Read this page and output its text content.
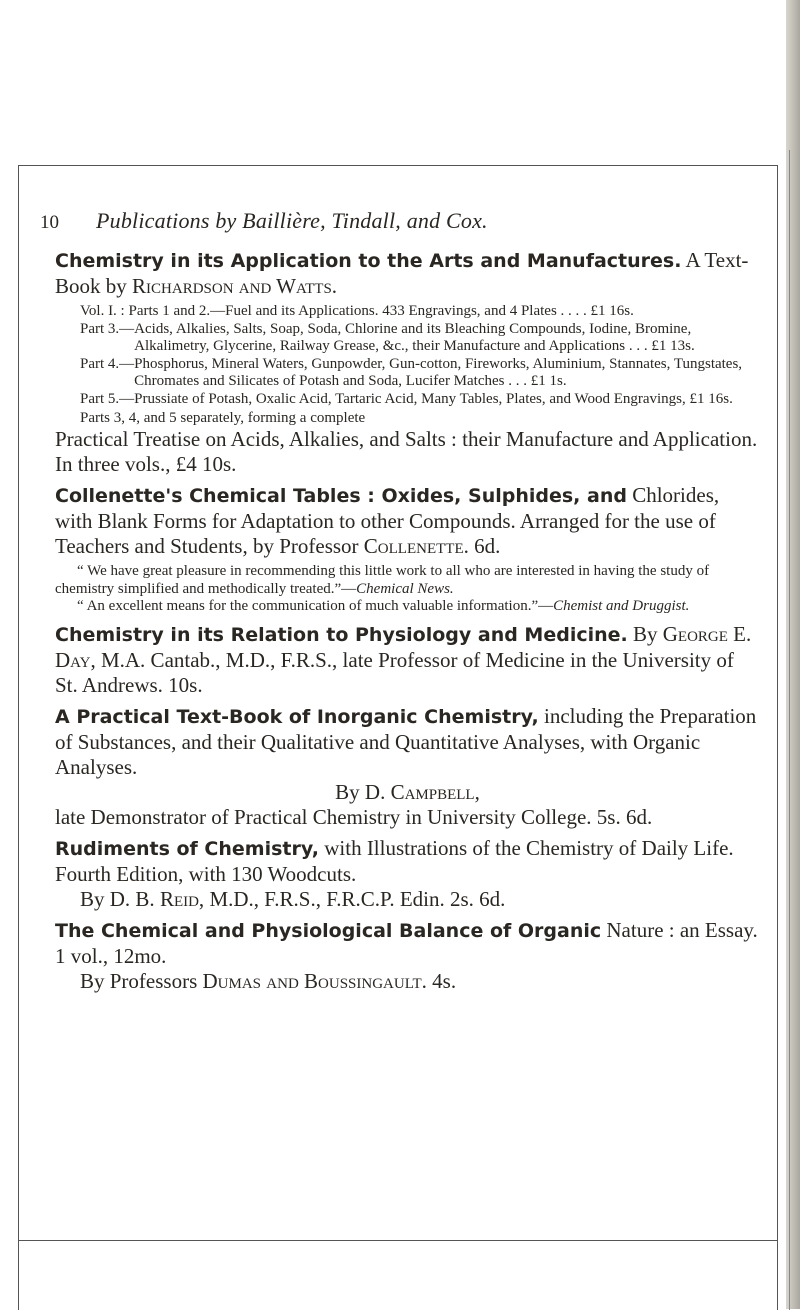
10	Publications by Baillière, Tindall, and Cox.
Chemistry in its Application to the Arts and Manufactures. A Text-Book by Richardson and Watts.
Vol. I. :
Parts 1 and 2.—Fuel and its Applications. 433 Engravings, and 4 Plates . . . . £1 16s.
Part 3.— Acids, Alkalies, Salts, Soap, Soda, Chlorine and its Bleaching Compounds, Iodine, Bromine, Alkalimetry, Glycerine, Railway Grease, &c., their Manufacture and Applications . . . £1 13s.
Part 4.— Phosphorus, Mineral Waters, Gunpowder, Gun-cotton, Fireworks, Aluminium, Stannates, Tungstates, Chromates and Silicates of Potash and Soda, Lucifer Matches . . . £1 1s.
Part 5.— Prussiate of Potash, Oxalic Acid, Tartaric Acid, Many Tables, Plates, and Wood Engravings, £1 16s.
Parts 3, 4, and 5 separately, forming a complete
Practical Treatise on Acids, Alkalies, and Salts : their Manufacture and Application. In three vols., £4 10s.
Collenette's Chemical Tables : Oxides, Sulphides, and Chlorides, with Blank Forms for Adaptation to other Compounds. Arranged for the use of Teachers and Students, by Professor Collenette. 6d.

“ We have great pleasure in recommending this little work to all who are interested in having the study of chemistry simplified and methodically treated.”—Chemical News.

“ An excellent means for the communication of much valuable information.”—Chemist and Druggist.

Chemistry in its Relation to Physiology and Medicine. By George E. Day, M.A. Cantab., M.D., F.R.S., late Professor of Medicine in the University of St. Andrews. 10s.
A Practical Text-Book of Inorganic Chemistry, including the Preparation of Substances, and their Qualitative and Quantitative Analyses, with Organic Analyses.
By D. Campbell,
late Demonstrator of Practical Chemistry in University College. 5s. 6d.
Rudiments of Chemistry, with Illustrations of the Chemistry of Daily Life. Fourth Edition, with 130 Woodcuts.
By D. B. Reid, M.D., F.R.S., F.R.C.P. Edin. 2s. 6d.
The Chemical and Physiological Balance of Organic Nature : an Essay. 1 vol., 12mo.
By Professors Dumas and Boussingault. 4s.
